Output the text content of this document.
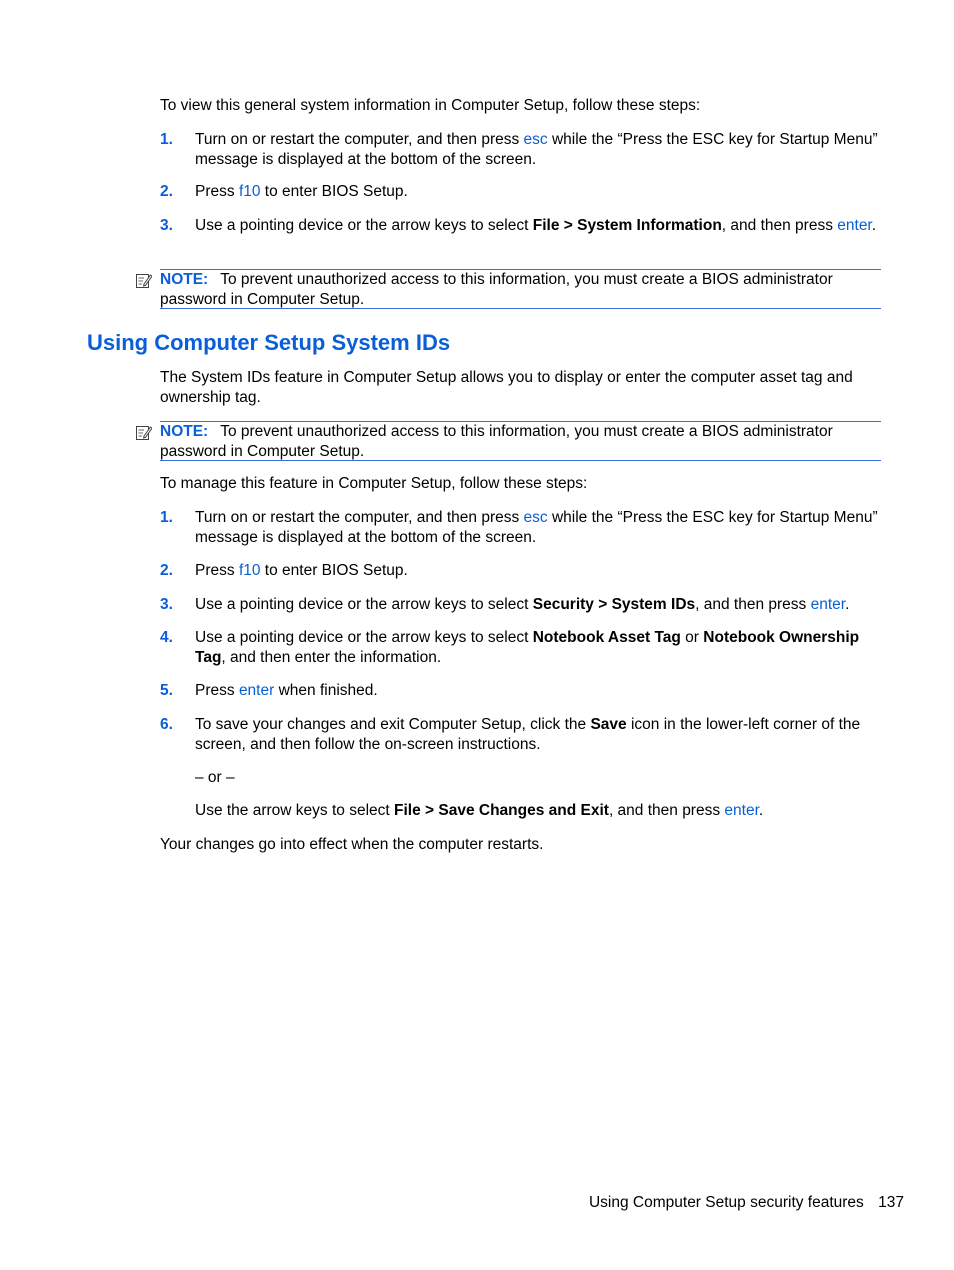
To view this general system information in Computer Setup, follow these steps:
1.	Turn on or restart the computer, and then press esc while the “Press the ESC key for Startup Menu” message is displayed at the bottom of the screen.
2.	Press f10 to enter BIOS Setup.
3.	Use a pointing device or the arrow keys to select File > System Information, and then press enter.
NOTE: To prevent unauthorized access to this information, you must create a BIOS administrator password in Computer Setup.
Using Computer Setup System IDs
The System IDs feature in Computer Setup allows you to display or enter the computer asset tag and ownership tag.
NOTE: To prevent unauthorized access to this information, you must create a BIOS administrator password in Computer Setup.
To manage this feature in Computer Setup, follow these steps:
1.	Turn on or restart the computer, and then press esc while the “Press the ESC key for Startup Menu” message is displayed at the bottom of the screen.
2.	Press f10 to enter BIOS Setup.
3.	Use a pointing device or the arrow keys to select Security > System IDs, and then press enter.
4.	Use a pointing device or the arrow keys to select Notebook Asset Tag or Notebook Ownership Tag, and then enter the information.
5.	Press enter when finished.
6.	To save your changes and exit Computer Setup, click the Save icon in the lower-left corner of the screen, and then follow the on-screen instructions.
– or –
Use the arrow keys to select File > Save Changes and Exit, and then press enter.
Your changes go into effect when the computer restarts.
Using Computer Setup security features 137
